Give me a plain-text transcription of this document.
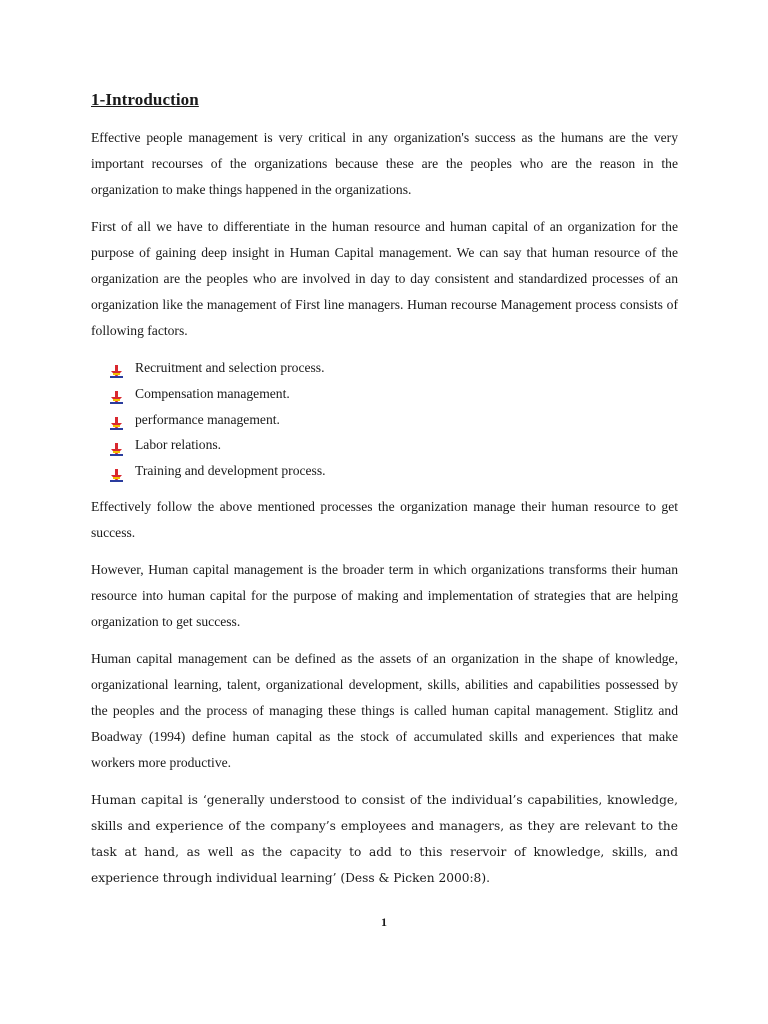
1-Introduction

Effective people management is very critical in any organization's success as the humans are the very important recourses of the organizations because these are the peoples who are the reason in the organization to make things happened in the organizations.

First of all we have to differentiate in the human resource and human capital of an organization for the purpose of gaining deep insight in Human Capital management. We can say that human resource of the organization are the peoples who are involved in day to day consistent and standardized processes of an organization like the management of First line managers. Human recourse Management process consists of following factors.

Recruitment and selection process.
Compensation management.
performance management.
Labor relations.
Training and development process.

Effectively follow the above mentioned processes the organization manage their human resource to get success.

However, Human capital management is the broader term in which organizations transforms their human resource into human capital for the purpose of making and implementation of strategies that are helping organization to get success.

Human capital management can be defined as the assets of an organization in the shape of knowledge, organizational learning, talent, organizational development, skills, abilities and capabilities possessed by the peoples and the process of managing these things is called human capital management. Stiglitz and Boadway (1994) define human capital as the stock of accumulated skills and experiences that make workers more productive.

Human capital is ‘generally understood to consist of the individual’s capabilities, knowledge, skills and experience of the company’s employees and managers, as they are relevant to the task at hand, as well as the capacity to add to this reservoir of knowledge, skills, and experience through individual learning’ (Dess & Picken 2000:8).

1
